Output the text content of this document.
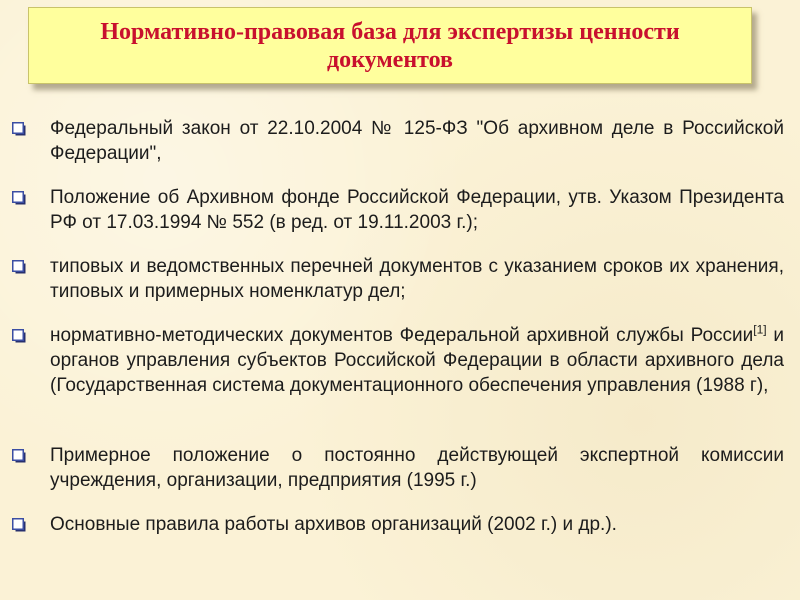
Нормативно-правовая база для экспертизы ценности документов
Федеральный закон от 22.10.2004 № 125-ФЗ "Об архивном деле в Российской Федерации",
Положение об Архивном фонде Российской Федерации, утв. Указом Президента РФ от 17.03.1994 № 552 (в ред. от 19.11.2003 г.);
типовых и ведомственных перечней документов с указанием сроков их хранения, типовых и примерных номенклатур дел;
нормативно-методических документов Федеральной архивной службы России[1] и органов управления субъектов Российской Федерации в области архивного дела (Государственная система документационного обеспечения управления (1988 г),
Примерное положение о постоянно действующей экспертной комиссии учреждения, организации, предприятия (1995 г.)
Основные правила работы архивов организаций (2002 г.) и др.).
